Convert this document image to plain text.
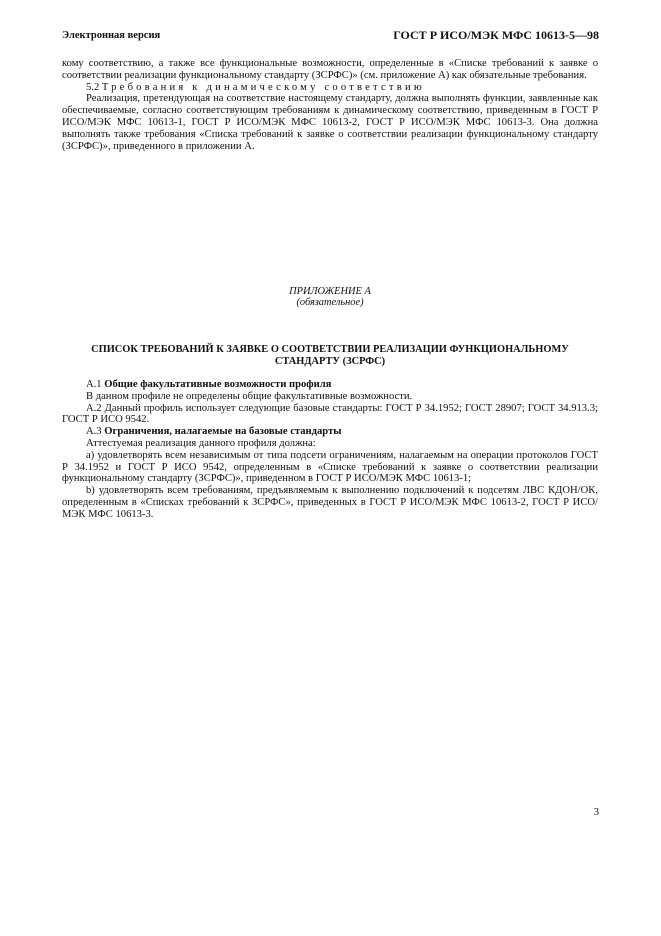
Электронная версия	ГОСТ Р ИСО/МЭК МФС 10613-5—98

кому соответствию, а также все функциональные возможности, определенные в «Списке требований к заявке о соответствии реализации функциональному стандарту (ЗСРФС)» (см. приложение А) как обязательные требования.

5.2 Требования к динамическому соответствию

Реализация, претендующая на соответствие настоящему стандарту, должна выполнять функции, заявленные как обеспечиваемые, согласно соответствующим требованиям к динамическому соответствию, приведенным в ГОСТ Р ИСО/МЭК МФС 10613-1, ГОСТ Р ИСО/МЭК МФС 10613-2, ГОСТ Р ИСО/МЭК МФС 10613-3. Она должна выполнять также требования «Списка требований к заявке о соответствии реализации функциональному стандарту (ЗСРФС)», приведенного в приложении А.

ПРИЛОЖЕНИЕ А
(обязательное)
СПИСОК ТРЕБОВАНИЙ К ЗАЯВКЕ О СООТВЕТСТВИИ РЕАЛИЗАЦИИ ФУНКЦИОНАЛЬНОМУ СТАНДАРТУ (ЗСРФС)

А.1 Общие факультативные возможности профиля

В данном профиле не определены общие факультативные возможности.

А.2 Данный профиль использует следующие базовые стандарты: ГОСТ Р 34.1952; ГОСТ 28907; ГОСТ 34.913.3; ГОСТ Р ИСО 9542.

А.3 Ограничения, налагаемые на базовые стандарты

Аттестуемая реализация данного профиля должна:

а) удовлетворять всем независимым от типа подсети ограничениям, налагаемым на операции протоколов ГОСТ Р 34.1952 и ГОСТ Р ИСО 9542, определенным в «Списке требований к заявке о соответствии реализации функциональному стандарту (ЗСРФС)», приведенном в ГОСТ Р ИСО/МЭК МФС 10613-1;

b) удовлетворять всем требованиям, предъявляемым к выполнению подключений к подсетям ЛВС КДОН/ОК, определенным в «Списках требований к ЗСРФС», приведенных в ГОСТ Р ИСО/МЭК МФС 10613-2, ГОСТ Р ИСО/МЭК МФС 10613-3.

3
